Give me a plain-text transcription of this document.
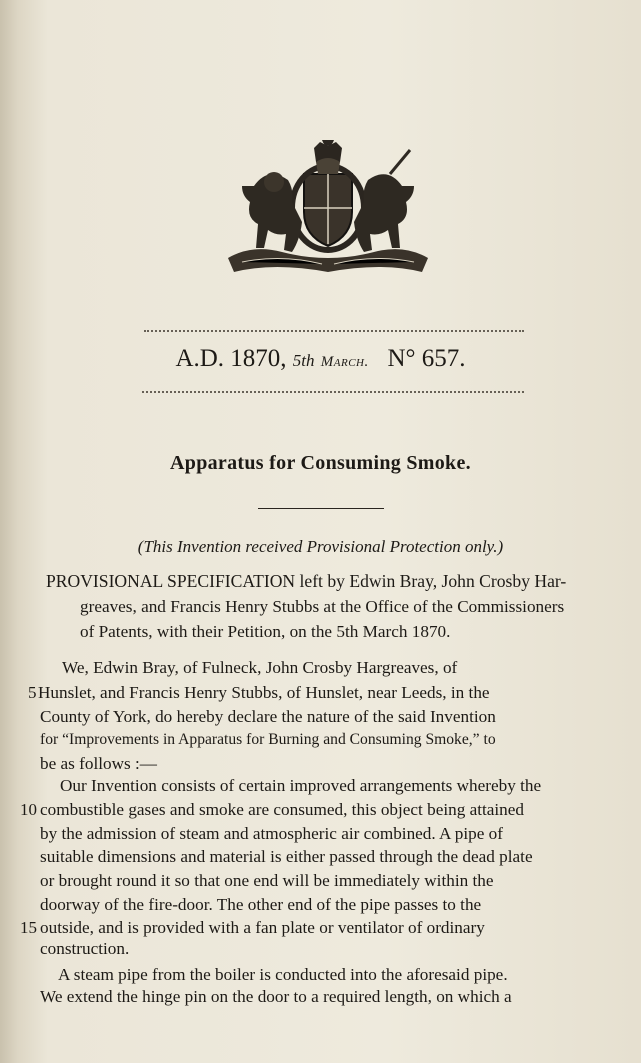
A.D. 1870, 5th March. N° 657.
Apparatus for Consuming Smoke.
(This Invention received Provisional Protection only.)
PROVISIONAL SPECIFICATION left by Edwin Bray, John Crosby Har-
greaves, and Francis Henry Stubbs at the Office of the Commissioners
of Patents, with their Petition, on the 5th March 1870.
We, Edwin Bray, of Fulneck, John Crosby Hargreaves, of
Hunslet, and Francis Henry Stubbs, of Hunslet, near Leeds, in the
County of York, do hereby declare the nature of the said Invention
for “Improvements in Apparatus for Burning and Consuming Smoke,” to
be as follows :—
Our Invention consists of certain improved arrangements whereby the
combustible gases and smoke are consumed, this object being attained
by the admission of steam and atmospheric air combined. A pipe of
suitable dimensions and material is either passed through the dead plate
or brought round it so that one end will be immediately within the
doorway of the fire-door. The other end of the pipe passes to the
outside, and is provided with a fan plate or ventilator of ordinary
construction.
A steam pipe from the boiler is conducted into the aforesaid pipe.
We extend the hinge pin on the door to a required length, on which a
5
10
15
